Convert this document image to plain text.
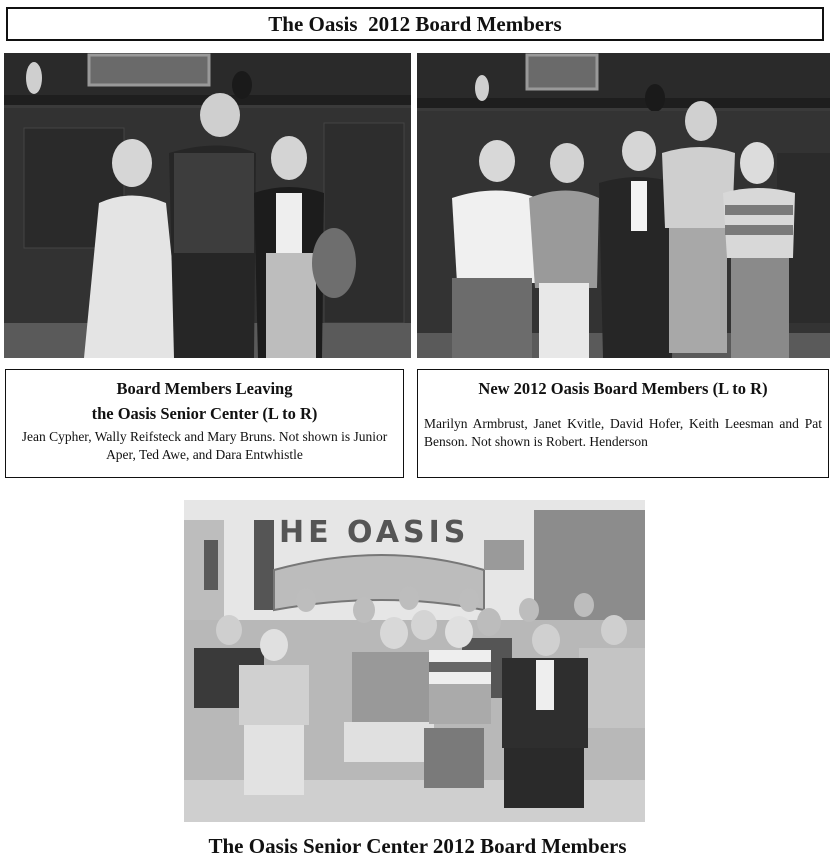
The Oasis  2012 Board Members
Board Members Leaving
the Oasis Senior Center (L to R)

Jean Cypher, Wally Reifsteck and Mary Bruns. Not shown is Junior Aper, Ted Awe, and Dara Entwhistle

New 2012 Oasis Board Members (L to R)

Marilyn Armbrust, Janet Kvitle, David Hofer, Keith Leesman and Pat Benson. Not shown is Robert. Henderson

HE OASIS
The Oasis Senior Center 2012 Board Members
